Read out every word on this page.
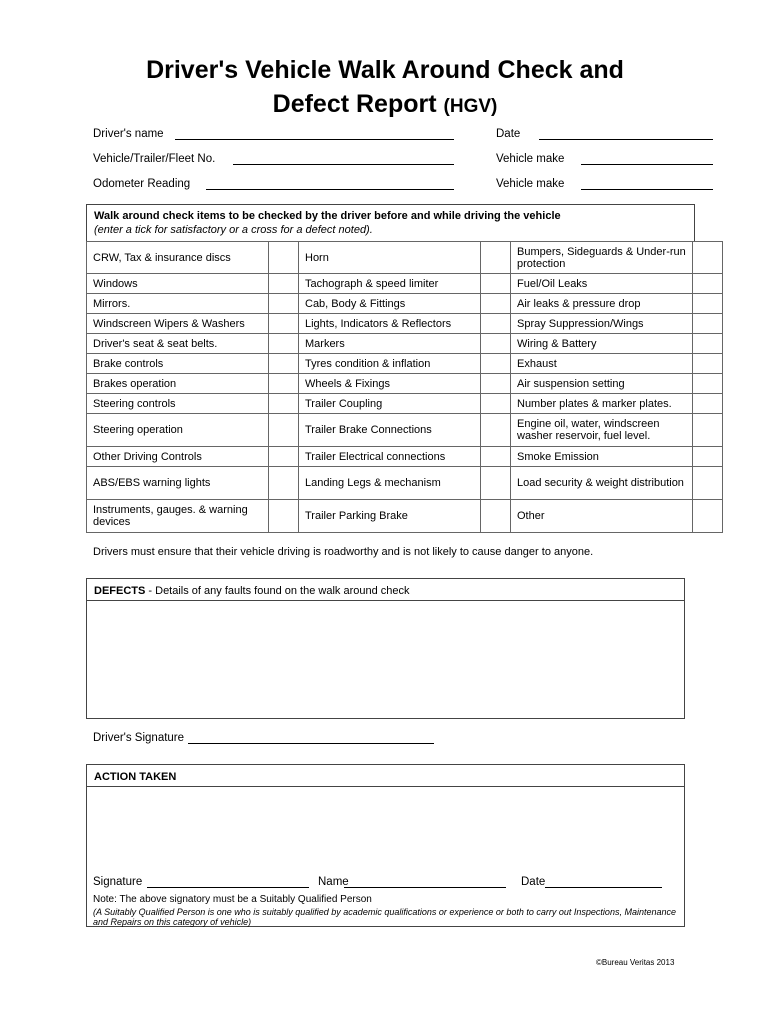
Driver's Vehicle Walk Around Check and
Defect Report (HGV)
Driver's name	Date
Vehicle/Trailer/Fleet No.	Vehicle make
Odometer Reading	Vehicle make
Walk around check items to be checked by the driver before and while driving the vehicle
(enter a tick for satisfactory or a cross for a defect noted).
CRW, Tax & insurance discs		Horn		Bumpers, Sideguards & Under-run protection	
Windows		Tachograph & speed limiter		Fuel/Oil Leaks	
Mirrors.		Cab, Body & Fittings		Air leaks & pressure drop	
Windscreen Wipers & Washers		Lights, Indicators & Reflectors		Spray Suppression/Wings	
Driver's seat & seat belts.		Markers		Wiring & Battery	
Brake controls		Tyres condition & inflation		Exhaust	
Brakes operation		Wheels & Fixings		Air suspension setting	
Steering controls		Trailer Coupling		Number plates & marker plates.	
Steering operation		Trailer Brake Connections		Engine oil, water, windscreen washer reservoir, fuel level.	
Other Driving Controls		Trailer Electrical connections		Smoke Emission	
ABS/EBS warning lights		Landing Legs & mechanism		Load security & weight distribution	
Instruments, gauges. & warning devices		Trailer Parking Brake		Other	
Drivers must ensure that their vehicle driving is roadworthy and is not likely to cause danger to anyone.
DEFECTS - Details of any faults found on the walk around check
Driver's Signature
ACTION TAKEN
Signature	Name	Date
Note: The above signatory must be a Suitably Qualified Person
(A Suitably Qualified Person is one who is suitably qualified by academic qualifications or experience or both to carry out Inspections, Maintenance and Repairs on this category of vehicle)
©Bureau Veritas 2013
